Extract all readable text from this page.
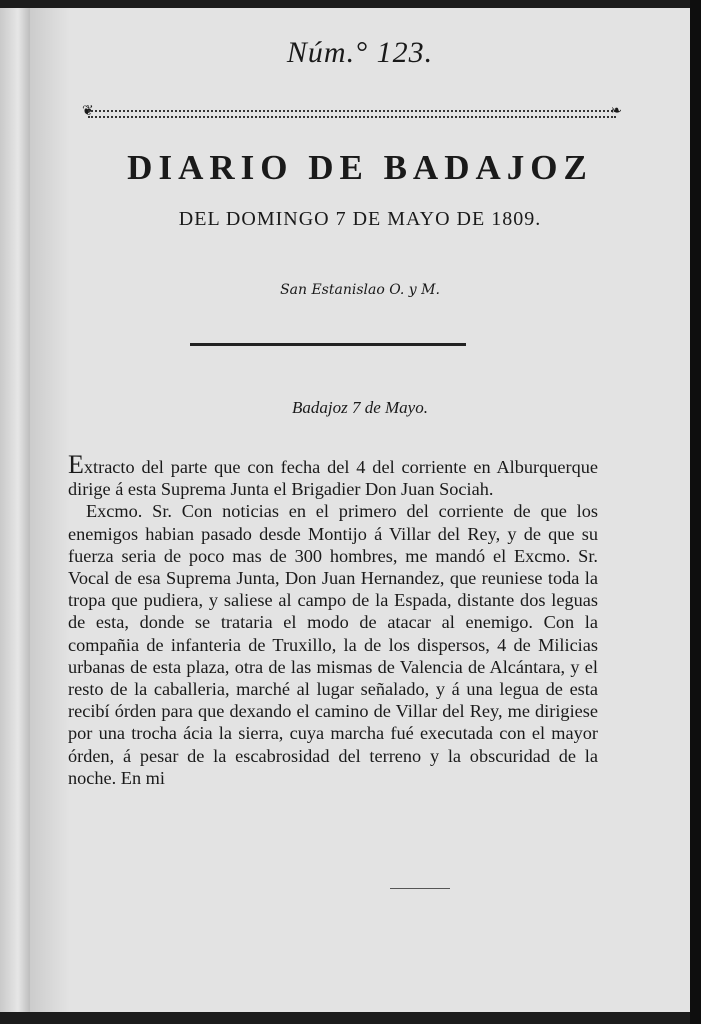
Núm.° 123.
❦	❧
DIARIO DE BADAJOZ
DEL DOMINGO 7 DE MAYO DE 1809.
San Estanislao O. y M.
Badajoz 7 de Mayo.

Extracto del parte que con fecha del 4 del corriente en Alburquerque dirige á esta Suprema Junta el Brigadier Don Juan Sociah.

Excmo. Sr. Con noticias en el primero del corriente de que los enemigos habian pasado desde Montijo á Villar del Rey, y de que su fuerza seria de poco mas de 300 hombres, me mandó el Excmo. Sr. Vocal de esa Suprema Junta, Don Juan Hernandez, que reuniese toda la tropa que pudiera, y saliese al campo de la Espada, distante dos leguas de esta, donde se trataria el modo de atacar al enemigo. Con la compañia de infanteria de Truxillo, la de los dispersos, 4 de Milicias urbanas de esta plaza, otra de las mismas de Valencia de Alcántara, y el resto de la caballeria, marché al lugar señalado, y á una legua de esta recibí órden para que dexando el camino de Villar del Rey, me dirigiese por una trocha ácia la sierra, cuya marcha fué executada con el mayor órden, á pesar de la escabrosidad del terreno y la obscuridad de la noche. En mi
